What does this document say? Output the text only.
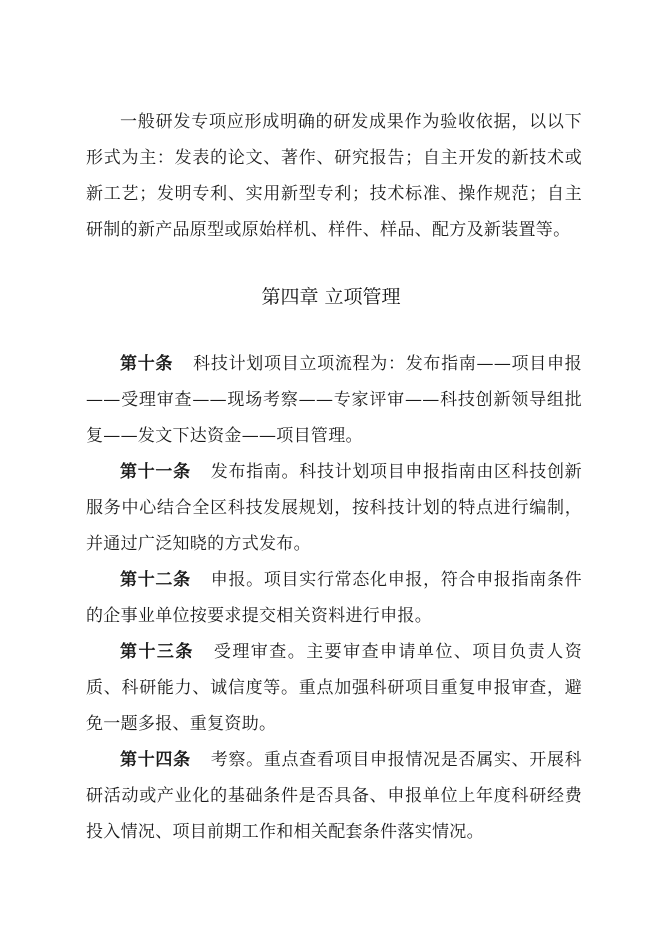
一般研发专项应形成明确的研发成果作为验收依据，以以下形式为主：发表的论文、著作、研究报告；自主开发的新技术或新工艺；发明专利、实用新型专利；技术标准、操作规范；自主研制的新产品原型或原始样机、样件、样品、配方及新装置等。
第四章 立项管理

第十条 科技计划项目立项流程为：发布指南——项目申报——受理审查——现场考察——专家评审——科技创新领导组批复——发文下达资金——项目管理。

第十一条 发布指南。科技计划项目申报指南由区科技创新服务中心结合全区科技发展规划，按科技计划的特点进行编制，并通过广泛知晓的方式发布。

第十二条 申报。项目实行常态化申报，符合申报指南条件的企事业单位按要求提交相关资料进行申报。

第十三条 受理审查。主要审查申请单位、项目负责人资质、科研能力、诚信度等。重点加强科研项目重复申报审查，避免一题多报、重复资助。

第十四条 考察。重点查看项目申报情况是否属实、开展科研活动或产业化的基础条件是否具备、申报单位上年度科研经费投入情况、项目前期工作和相关配套条件落实情况。
